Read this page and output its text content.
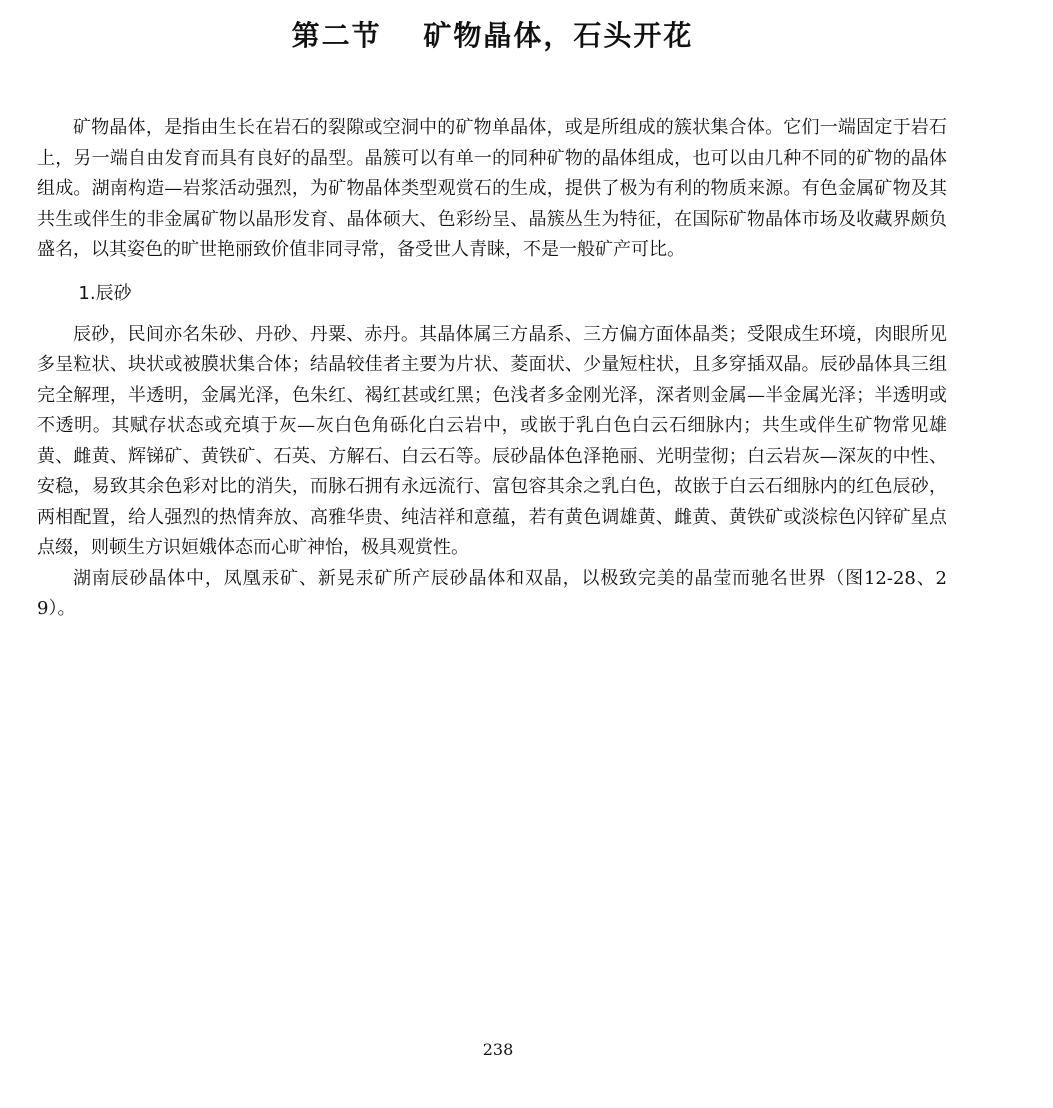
第二节　 矿物晶体，石头开花

矿物晶体，是指由生长在岩石的裂隙或空洞中的矿物单晶体，或是所组成的簇状集合体。它们一端固定于岩石上，另一端自由发育而具有良好的晶型。晶簇可以有单一的同种矿物的晶体组成，也可以由几种不同的矿物的晶体组成。湖南构造—岩浆活动强烈，为矿物晶体类型观赏石的生成，提供了极为有利的物质来源。有色金属矿物及其共生或伴生的非金属矿物以晶形发育、晶体硕大、色彩纷呈、晶簇丛生为特征，在国际矿物晶体市场及收藏界颇负盛名，以其姿色的旷世艳丽致价值非同寻常，备受世人青睐，不是一般矿产可比。

1.辰砂

辰砂，民间亦名朱砂、丹砂、丹粟、赤丹。其晶体属三方晶系、三方偏方面体晶类；受限成生环境，肉眼所见多呈粒状、块状或被膜状集合体；结晶较佳者主要为片状、菱面状、少量短柱状，且多穿插双晶。辰砂晶体具三组完全解理，半透明，金属光泽，色朱红、褐红甚或红黑；色浅者多金刚光泽，深者则金属—半金属光泽；半透明或不透明。其赋存状态或充填于灰—灰白色角砾化白云岩中，或嵌于乳白色白云石细脉内；共生或伴生矿物常见雄黄、雌黄、辉锑矿、黄铁矿、石英、方解石、白云石等。辰砂晶体色泽艳丽、光明莹彻；白云岩灰—深灰的中性、安稳，易致其余色彩对比的消失，而脉石拥有永远流行、富包容其余之乳白色，故嵌于白云石细脉内的红色辰砂，两相配置，给人强烈的热情奔放、高雅华贵、纯洁祥和意蕴，若有黄色调雄黄、雌黄、黄铁矿或淡棕色闪锌矿星点点缀，则顿生方识姮娥体态而心旷神怡，极具观赏性。

湖南辰砂晶体中，凤凰汞矿、新晃汞矿所产辰砂晶体和双晶，以极致完美的晶莹而驰名世界（图12-28、29）。

238
